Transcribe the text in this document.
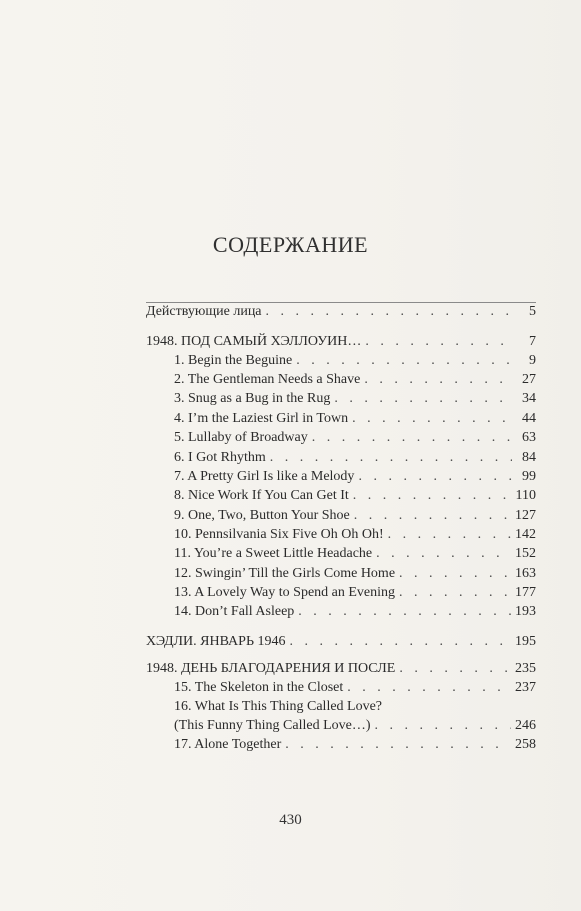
СОДЕРЖАНИЕ
Действующие лица . . .	5
1948. ПОД САМЫЙ ХЭЛЛОУИН… . . .	7
1. Begin the Beguine . . .	9
2. The Gentleman Needs a Shave . . .	27
3. Snug as a Bug in the Rug . . .	34
4. I’m the Laziest Girl in Town . . .	44
5. Lullaby of Broadway . . .	63
6. I Got Rhythm . . .	84
7. A Pretty Girl Is like a Melody . . .	99
8. Nice Work If You Can Get It . . .	110
9. One, Two, Button Your Shoe . . .	127
10. Pennsilvania Six Five Oh Oh Oh! . . .	142
11. You’re a Sweet Little Headache . . .	152
12. Swingin’ Till the Girls Come Home . . .	163
13. A Lovely Way to Spend an Evening . . .	177
14. Don’t Fall Asleep . . .	193
ХЭДЛИ. ЯНВАРЬ 1946 . . .	195
1948. ДЕНЬ БЛАГОДАРЕНИЯ И ПОСЛЕ . . .	235
15. The Skeleton in the Closet . . .	237
16. What Is This Thing Called Love?
(This Funny Thing Called Love…) . . .	246
17. Alone Together . . .	258
430
